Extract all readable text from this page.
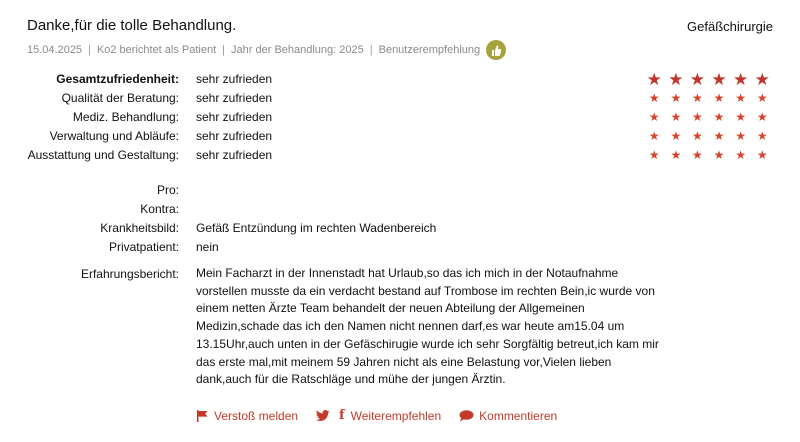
Danke,für die tolle Behandlung.	Gefäßchirurgie
15.04.2025 | Ko2 berichtet als Patient | Jahr der Behandlung: 2025 | Benutzerempfehlung
Gesamtzufriedenheit: sehr zufrieden	★ ★ ★ ★ ★ ★
Qualität der Beratung: sehr zufrieden	★ ★ ★ ★ ★ ★
Mediz. Behandlung: sehr zufrieden	★ ★ ★ ★ ★ ★
Verwaltung und Abläufe: sehr zufrieden	★ ★ ★ ★ ★ ★
Ausstattung und Gestaltung: sehr zufrieden	★ ★ ★ ★ ★ ★
Pro:
Kontra:
Krankheitsbild: Gefäß Entzündung im rechten Wadenbereich
Privatpatient: nein
Erfahrungsbericht: Mein Facharzt in der Innenstadt hat Urlaub,so das ich mich in der Notaufnahme vorstellen musste da ein verdacht bestand auf Trombose im rechten Bein,ic wurde von einem netten Ärzte Team behandelt der neuen Abteilung der Allgemeinen Medizin,schade das ich den Namen nicht nennen darf,es war heute am15.04 um 13.15Uhr,auch unten in der Gefäschirugie wurde ich sehr Sorgfältig betreut,ich kam mir das erste mal,mit meinem 59 Jahren nicht als eine Belastung vor,Vielen lieben dank,auch für die Ratschläge und mühe der jungen Ärztin.
Verstoß melden	f Weiterempfehlen	Kommentieren
